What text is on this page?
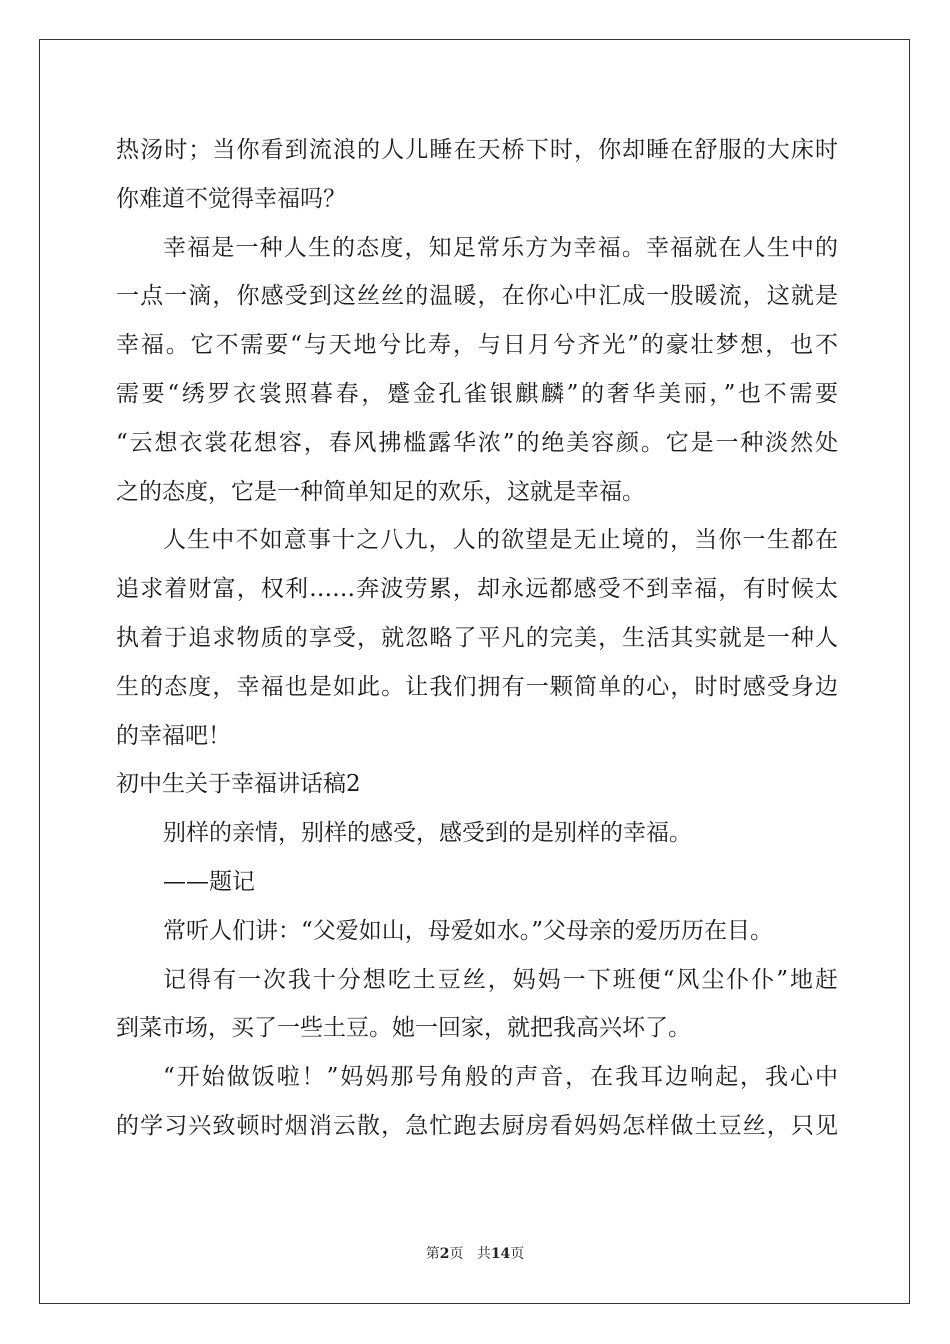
热汤时；当你看到流浪的人儿睡在天桥下时，你却睡在舒服的大床时
你难道不觉得幸福吗？
幸福是一种人生的态度，知足常乐方为幸福。幸福就在人生中的
一点一滴，你感受到这丝丝的温暖，在你心中汇成一股暖流，这就是
幸福。它不需要“与天地兮比寿，与日月兮齐光”的豪壮梦想，也不
需要“绣罗衣裳照暮春，蹙金孔雀银麒麟”的奢华美丽，”也不需要
“云想衣裳花想容，春风拂槛露华浓”的绝美容颜。它是一种淡然处
之的态度，它是一种简单知足的欢乐，这就是幸福。
人生中不如意事十之八九，人的欲望是无止境的，当你一生都在
追求着财富，权利……奔波劳累，却永远都感受不到幸福，有时候太
执着于追求物质的享受，就忽略了平凡的完美，生活其实就是一种人
生的态度，幸福也是如此。让我们拥有一颗简单的心，时时感受身边
的幸福吧！
初中生关于幸福讲话稿2
别样的亲情，别样的感受，感受到的是别样的幸福。
——题记
常听人们讲：“父爱如山，母爱如水。”父母亲的爱历历在目。
记得有一次我十分想吃土豆丝，妈妈一下班便“风尘仆仆”地赶
到菜市场，买了一些土豆。她一回家，就把我高兴坏了。
“开始做饭啦！”妈妈那号角般的声音，在我耳边响起，我心中
的学习兴致顿时烟消云散，急忙跑去厨房看妈妈怎样做土豆丝，只见
第2页 共14页
